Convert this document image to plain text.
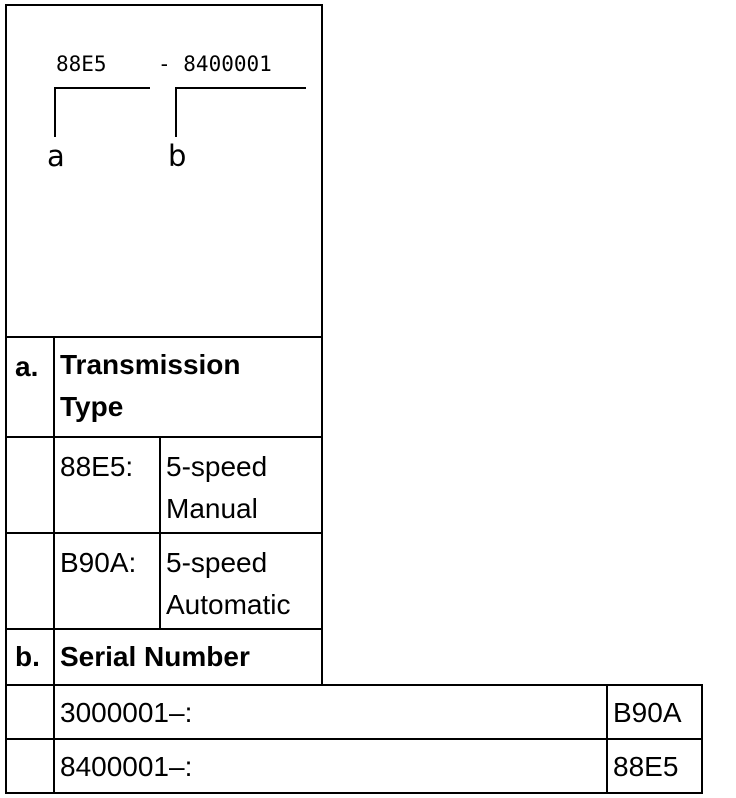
88E5 - 8400001
a	b
a. Transmission
Type
88E5:	5-speed
Manual
B90A:	5-speed
Automatic
b. Serial Number
3000001–:	B90A
8400001–:	88E5
